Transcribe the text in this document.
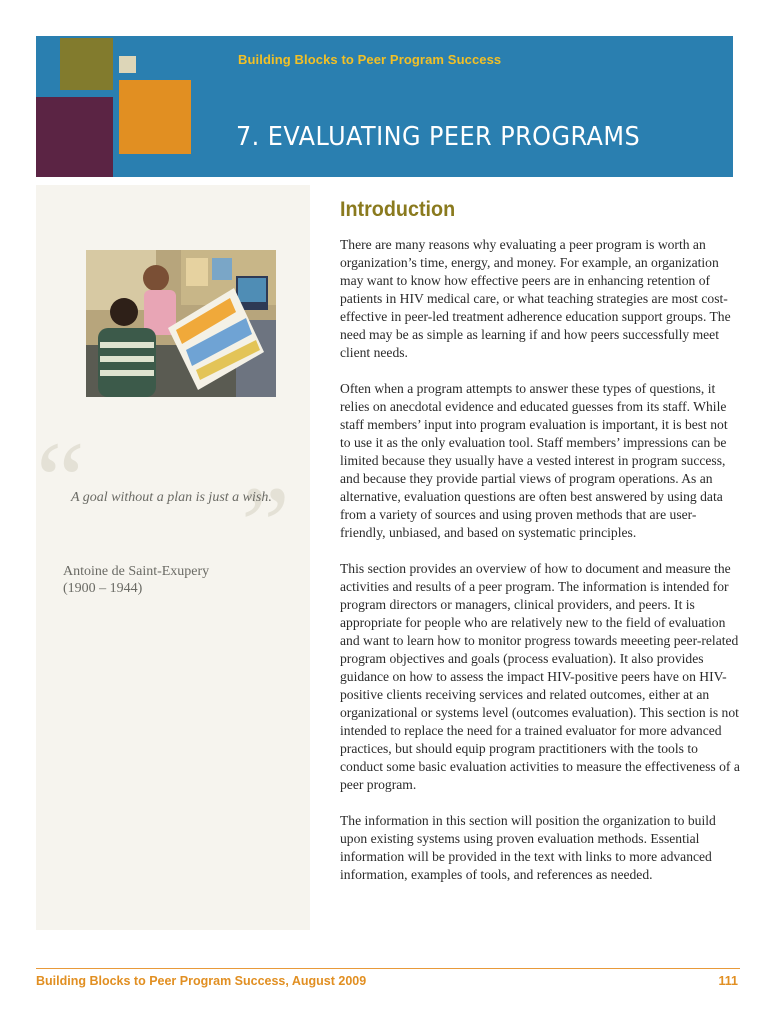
Building Blocks to Peer Program Success
7. EVALUATING PEER PROGRAMS
“ ”
A goal without a plan is just a wish.
Antoine de Saint-Exupery
(1900 – 1944)
Introduction

There are many reasons why evaluating a peer program is worth an organization’s time, energy, and money. For example, an organization may want to know how effective peers are in enhancing retention of patients in HIV medical care, or what teaching strategies are most cost-effective in peer-led treatment adherence education support groups. The need may be as simple as learning if and how peers successfully meet client needs.

Often when a program attempts to answer these types of questions, it relies on anecdotal evidence and educated guesses from its staff. While staff members’ input into program evaluation is important, it is best not to use it as the only evaluation tool. Staff members’ impressions can be limited because they usually have a vested interest in program success, and because they provide partial views of program operations. As an alternative, evaluation questions are often best answered by using data from a variety of sources and using proven methods that are user-friendly, unbiased, and based on systematic principles.

This section provides an overview of how to document and measure the activities and results of a peer program. The information is intended for program directors or managers, clinical providers, and peers. It is appropriate for people who are relatively new to the field of evaluation and want to learn how to monitor progress towards meeeting peer-related program objectives and goals (process evaluation). It also provides guidance on how to assess the impact HIV-positive peers have on HIV-positive clients receiving services and related outcomes, either at an organizational or systems level (outcomes evaluation). This section is not intended to replace the need for a trained evaluator for more advanced practices, but should equip program practitioners with the tools to conduct some basic evaluation activities to measure the effectiveness of a peer program.

The information in this section will position the organization to build upon existing systems using proven evaluation methods. Essential information will be provided in the text with links to more advanced information, examples of tools, and references as needed.

Building Blocks to Peer Program Success, August 2009	111
